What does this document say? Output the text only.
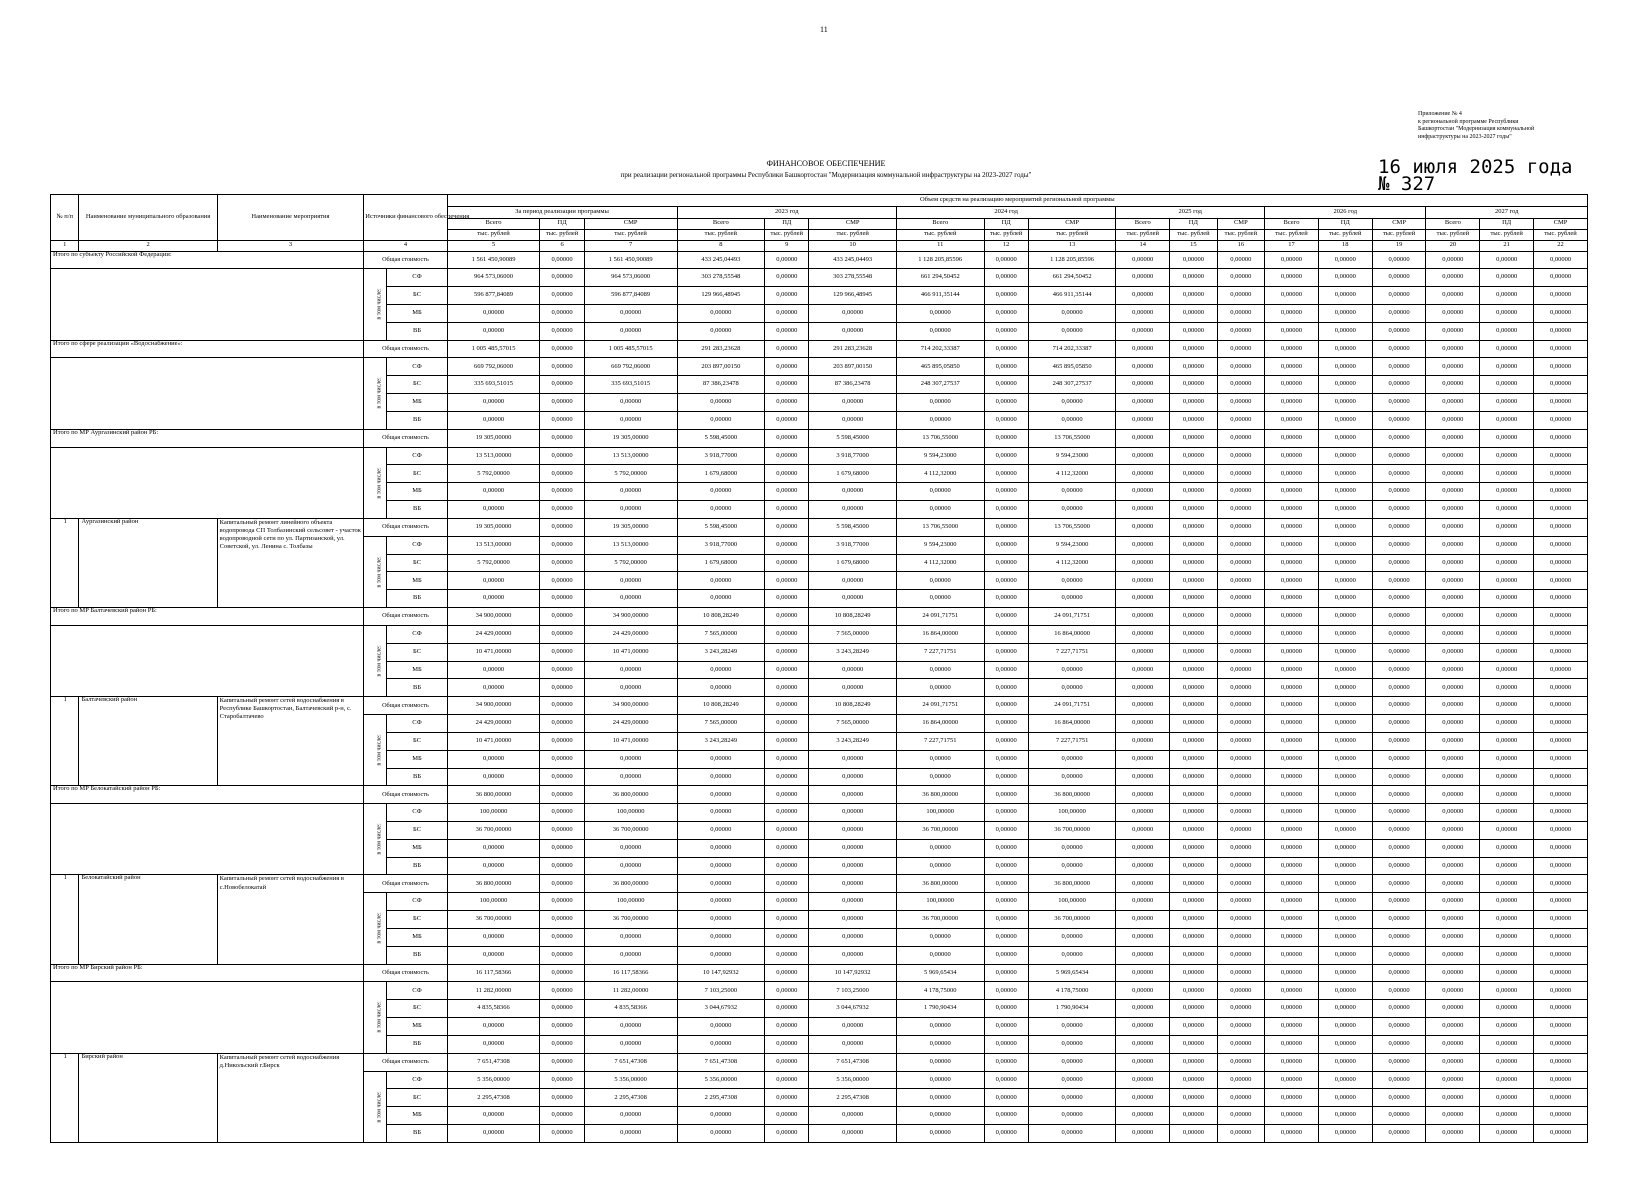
11
Приложение № 4
к региональной программе Республики
Башкортостан "Модернизация коммунальной
инфраструктуры на 2023-2027 годы"
16 июля 2025 года
№ 327
ФИНАНСОВОЕ ОБЕСПЕЧЕНИЕ
при реализации региональной программы Республики Башкортостан "Модернизация коммунальной инфраструктуры на 2023-2027 годы"
№ п/п	Наименование муниципального образования	Наименование мероприятия	Источники финансового обеспечения		Объем средств на реализацию мероприятий региональной программы																	
					За период реализации программы			2023 год			2024 год			2025 год			2026 год			2027 год		
					Всего	ПД	СМР	Всего	ПД	СМР	Всего	ПД	СМР	Всего	ПД	СМР	Всего	ПД	СМР	Всего	ПД	СМР
					тыс. рублей	тыс. рублей	тыс. рублей	тыс. рублей	тыс. рублей	тыс. рублей	тыс. рублей	тыс. рублей	тыс. рублей	тыс. рублей	тыс. рублей	тыс. рублей	тыс. рублей	тыс. рублей	тыс. рублей	тыс. рублей	тыс. рублей	тыс. рублей
1	2	3	4		5	6	7	8	9	10	11	12	13	14	15	16	17	18	19	20	21	22
Итого по субъекту Российской Федерации:			Общая стоимость		1 561 450,90089	0,00000	1 561 450,90089	433 245,04493	0,00000	433 245,04493	1 128 205,85596	0,00000	1 128 205,85596	0,00000	0,00000	0,00000	0,00000	0,00000	0,00000	0,00000	0,00000	0,00000
			в том числе:	СФ	964 573,06000	0,00000	964 573,06000	303 278,55548	0,00000	303 278,55548	661 294,50452	0,00000	661 294,50452	0,00000	0,00000	0,00000	0,00000	0,00000	0,00000	0,00000	0,00000	0,00000
				БС	596 877,84089	0,00000	596 877,84089	129 966,48945	0,00000	129 966,48945	466 911,35144	0,00000	466 911,35144	0,00000	0,00000	0,00000	0,00000	0,00000	0,00000	0,00000	0,00000	0,00000
				МБ	0,00000	0,00000	0,00000	0,00000	0,00000	0,00000	0,00000	0,00000	0,00000	0,00000	0,00000	0,00000	0,00000	0,00000	0,00000	0,00000	0,00000	0,00000
				ВБ	0,00000	0,00000	0,00000	0,00000	0,00000	0,00000	0,00000	0,00000	0,00000	0,00000	0,00000	0,00000	0,00000	0,00000	0,00000	0,00000	0,00000	0,00000
Итого по сфере реализации «Водоснабжение»:			Общая стоимость		1 005 485,57015	0,00000	1 005 485,57015	291 283,23628	0,00000	291 283,23628	714 202,33387	0,00000	714 202,33387	0,00000	0,00000	0,00000	0,00000	0,00000	0,00000	0,00000	0,00000	0,00000
			в том числе:	СФ	669 792,06000	0,00000	669 792,06000	203 897,00150	0,00000	203 897,00150	465 895,05850	0,00000	465 895,05850	0,00000	0,00000	0,00000	0,00000	0,00000	0,00000	0,00000	0,00000	0,00000
				БС	335 693,51015	0,00000	335 693,51015	87 386,23478	0,00000	87 386,23478	248 307,27537	0,00000	248 307,27537	0,00000	0,00000	0,00000	0,00000	0,00000	0,00000	0,00000	0,00000	0,00000
				МБ	0,00000	0,00000	0,00000	0,00000	0,00000	0,00000	0,00000	0,00000	0,00000	0,00000	0,00000	0,00000	0,00000	0,00000	0,00000	0,00000	0,00000	0,00000
				ВБ	0,00000	0,00000	0,00000	0,00000	0,00000	0,00000	0,00000	0,00000	0,00000	0,00000	0,00000	0,00000	0,00000	0,00000	0,00000	0,00000	0,00000	0,00000
Итого по МР Аургазинский район РБ:			Общая стоимость		19 305,00000	0,00000	19 305,00000	5 598,45000	0,00000	5 598,45000	13 706,55000	0,00000	13 706,55000	0,00000	0,00000	0,00000	0,00000	0,00000	0,00000	0,00000	0,00000	0,00000
			в том числе:	СФ	13 513,00000	0,00000	13 513,00000	3 918,77000	0,00000	3 918,77000	9 594,23000	0,00000	9 594,23000	0,00000	0,00000	0,00000	0,00000	0,00000	0,00000	0,00000	0,00000	0,00000
				БС	5 792,00000	0,00000	5 792,00000	1 679,68000	0,00000	1 679,68000	4 112,32000	0,00000	4 112,32000	0,00000	0,00000	0,00000	0,00000	0,00000	0,00000	0,00000	0,00000	0,00000
				МБ	0,00000	0,00000	0,00000	0,00000	0,00000	0,00000	0,00000	0,00000	0,00000	0,00000	0,00000	0,00000	0,00000	0,00000	0,00000	0,00000	0,00000	0,00000
				ВБ	0,00000	0,00000	0,00000	0,00000	0,00000	0,00000	0,00000	0,00000	0,00000	0,00000	0,00000	0,00000	0,00000	0,00000	0,00000	0,00000	0,00000	0,00000
1	Аургазинский район	Капитальный ремонт линейного объекта водопровода СП Толбазинский сельсовет - участок водопроводной сети по ул. Партизанской, ул. Советской, ул. Ленина с. Толбазы	Общая стоимость		19 305,00000	0,00000	19 305,00000	5 598,45000	0,00000	5 598,45000	13 706,55000	0,00000	13 706,55000	0,00000	0,00000	0,00000	0,00000	0,00000	0,00000	0,00000	0,00000	0,00000
			в том числе:	СФ	13 513,00000	0,00000	13 513,00000	3 918,77000	0,00000	3 918,77000	9 594,23000	0,00000	9 594,23000	0,00000	0,00000	0,00000	0,00000	0,00000	0,00000	0,00000	0,00000	0,00000
				БС	5 792,00000	0,00000	5 792,00000	1 679,68000	0,00000	1 679,68000	4 112,32000	0,00000	4 112,32000	0,00000	0,00000	0,00000	0,00000	0,00000	0,00000	0,00000	0,00000	0,00000
				МБ	0,00000	0,00000	0,00000	0,00000	0,00000	0,00000	0,00000	0,00000	0,00000	0,00000	0,00000	0,00000	0,00000	0,00000	0,00000	0,00000	0,00000	0,00000
				ВБ	0,00000	0,00000	0,00000	0,00000	0,00000	0,00000	0,00000	0,00000	0,00000	0,00000	0,00000	0,00000	0,00000	0,00000	0,00000	0,00000	0,00000	0,00000
Итого по МР Балтачевский район РБ:			Общая стоимость		34 900,00000	0,00000	34 900,00000	10 808,28249	0,00000	10 808,28249	24 091,71751	0,00000	24 091,71751	0,00000	0,00000	0,00000	0,00000	0,00000	0,00000	0,00000	0,00000	0,00000
			в том числе:	СФ	24 429,00000	0,00000	24 429,00000	7 565,00000	0,00000	7 565,00000	16 864,00000	0,00000	16 864,00000	0,00000	0,00000	0,00000	0,00000	0,00000	0,00000	0,00000	0,00000	0,00000
				БС	10 471,00000	0,00000	10 471,00000	3 243,28249	0,00000	3 243,28249	7 227,71751	0,00000	7 227,71751	0,00000	0,00000	0,00000	0,00000	0,00000	0,00000	0,00000	0,00000	0,00000
				МБ	0,00000	0,00000	0,00000	0,00000	0,00000	0,00000	0,00000	0,00000	0,00000	0,00000	0,00000	0,00000	0,00000	0,00000	0,00000	0,00000	0,00000	0,00000
				ВБ	0,00000	0,00000	0,00000	0,00000	0,00000	0,00000	0,00000	0,00000	0,00000	0,00000	0,00000	0,00000	0,00000	0,00000	0,00000	0,00000	0,00000	0,00000
1	Балтачевский район	Капитальный ремонт сетей водоснабжения в Республике Башкортостан, Балтачевский р-н, с. Старобалтачево	Общая стоимость		34 900,00000	0,00000	34 900,00000	10 808,28249	0,00000	10 808,28249	24 091,71751	0,00000	24 091,71751	0,00000	0,00000	0,00000	0,00000	0,00000	0,00000	0,00000	0,00000	0,00000
			в том числе:	СФ	24 429,00000	0,00000	24 429,00000	7 565,00000	0,00000	7 565,00000	16 864,00000	0,00000	16 864,00000	0,00000	0,00000	0,00000	0,00000	0,00000	0,00000	0,00000	0,00000	0,00000
				БС	10 471,00000	0,00000	10 471,00000	3 243,28249	0,00000	3 243,28249	7 227,71751	0,00000	7 227,71751	0,00000	0,00000	0,00000	0,00000	0,00000	0,00000	0,00000	0,00000	0,00000
				МБ	0,00000	0,00000	0,00000	0,00000	0,00000	0,00000	0,00000	0,00000	0,00000	0,00000	0,00000	0,00000	0,00000	0,00000	0,00000	0,00000	0,00000	0,00000
				ВБ	0,00000	0,00000	0,00000	0,00000	0,00000	0,00000	0,00000	0,00000	0,00000	0,00000	0,00000	0,00000	0,00000	0,00000	0,00000	0,00000	0,00000	0,00000
Итого по МР Белокатайский район РБ:			Общая стоимость		36 800,00000	0,00000	36 800,00000	0,00000	0,00000	0,00000	36 800,00000	0,00000	36 800,00000	0,00000	0,00000	0,00000	0,00000	0,00000	0,00000	0,00000	0,00000	0,00000
			в том числе:	СФ	100,00000	0,00000	100,00000	0,00000	0,00000	0,00000	100,00000	0,00000	100,00000	0,00000	0,00000	0,00000	0,00000	0,00000	0,00000	0,00000	0,00000	0,00000
				БС	36 700,00000	0,00000	36 700,00000	0,00000	0,00000	0,00000	36 700,00000	0,00000	36 700,00000	0,00000	0,00000	0,00000	0,00000	0,00000	0,00000	0,00000	0,00000	0,00000
				МБ	0,00000	0,00000	0,00000	0,00000	0,00000	0,00000	0,00000	0,00000	0,00000	0,00000	0,00000	0,00000	0,00000	0,00000	0,00000	0,00000	0,00000	0,00000
				ВБ	0,00000	0,00000	0,00000	0,00000	0,00000	0,00000	0,00000	0,00000	0,00000	0,00000	0,00000	0,00000	0,00000	0,00000	0,00000	0,00000	0,00000	0,00000
1	Белокатайский район	Капитальный ремонт сетей водоснабжения в с.Новобелокатай	Общая стоимость		36 800,00000	0,00000	36 800,00000	0,00000	0,00000	0,00000	36 800,00000	0,00000	36 800,00000	0,00000	0,00000	0,00000	0,00000	0,00000	0,00000	0,00000	0,00000	0,00000
			в том числе:	СФ	100,00000	0,00000	100,00000	0,00000	0,00000	0,00000	100,00000	0,00000	100,00000	0,00000	0,00000	0,00000	0,00000	0,00000	0,00000	0,00000	0,00000	0,00000
				БС	36 700,00000	0,00000	36 700,00000	0,00000	0,00000	0,00000	36 700,00000	0,00000	36 700,00000	0,00000	0,00000	0,00000	0,00000	0,00000	0,00000	0,00000	0,00000	0,00000
				МБ	0,00000	0,00000	0,00000	0,00000	0,00000	0,00000	0,00000	0,00000	0,00000	0,00000	0,00000	0,00000	0,00000	0,00000	0,00000	0,00000	0,00000	0,00000
				ВБ	0,00000	0,00000	0,00000	0,00000	0,00000	0,00000	0,00000	0,00000	0,00000	0,00000	0,00000	0,00000	0,00000	0,00000	0,00000	0,00000	0,00000	0,00000
Итого по МР Бирский район РБ:			Общая стоимость		16 117,58366	0,00000	16 117,58366	10 147,92932	0,00000	10 147,92932	5 969,65434	0,00000	5 969,65434	0,00000	0,00000	0,00000	0,00000	0,00000	0,00000	0,00000	0,00000	0,00000
			в том числе:	СФ	11 282,00000	0,00000	11 282,00000	7 103,25000	0,00000	7 103,25000	4 178,75000	0,00000	4 178,75000	0,00000	0,00000	0,00000	0,00000	0,00000	0,00000	0,00000	0,00000	0,00000
				БС	4 835,58366	0,00000	4 835,58366	3 044,67932	0,00000	3 044,67932	1 790,90434	0,00000	1 790,90434	0,00000	0,00000	0,00000	0,00000	0,00000	0,00000	0,00000	0,00000	0,00000
				МБ	0,00000	0,00000	0,00000	0,00000	0,00000	0,00000	0,00000	0,00000	0,00000	0,00000	0,00000	0,00000	0,00000	0,00000	0,00000	0,00000	0,00000	0,00000
				ВБ	0,00000	0,00000	0,00000	0,00000	0,00000	0,00000	0,00000	0,00000	0,00000	0,00000	0,00000	0,00000	0,00000	0,00000	0,00000	0,00000	0,00000	0,00000
1	Бирский район	Капитальный ремонт сетей водоснабжения д.Никольский г.Бирск	Общая стоимость		7 651,47308	0,00000	7 651,47308	7 651,47308	0,00000	7 651,47308	0,00000	0,00000	0,00000	0,00000	0,00000	0,00000	0,00000	0,00000	0,00000	0,00000	0,00000	0,00000
			в том числе:	СФ	5 356,00000	0,00000	5 356,00000	5 356,00000	0,00000	5 356,00000	0,00000	0,00000	0,00000	0,00000	0,00000	0,00000	0,00000	0,00000	0,00000	0,00000	0,00000	0,00000
				БС	2 295,47308	0,00000	2 295,47308	2 295,47308	0,00000	2 295,47308	0,00000	0,00000	0,00000	0,00000	0,00000	0,00000	0,00000	0,00000	0,00000	0,00000	0,00000	0,00000
				МБ	0,00000	0,00000	0,00000	0,00000	0,00000	0,00000	0,00000	0,00000	0,00000	0,00000	0,00000	0,00000	0,00000	0,00000	0,00000	0,00000	0,00000	0,00000
				ВБ	0,00000	0,00000	0,00000	0,00000	0,00000	0,00000	0,00000	0,00000	0,00000	0,00000	0,00000	0,00000	0,00000	0,00000	0,00000	0,00000	0,00000	0,00000
